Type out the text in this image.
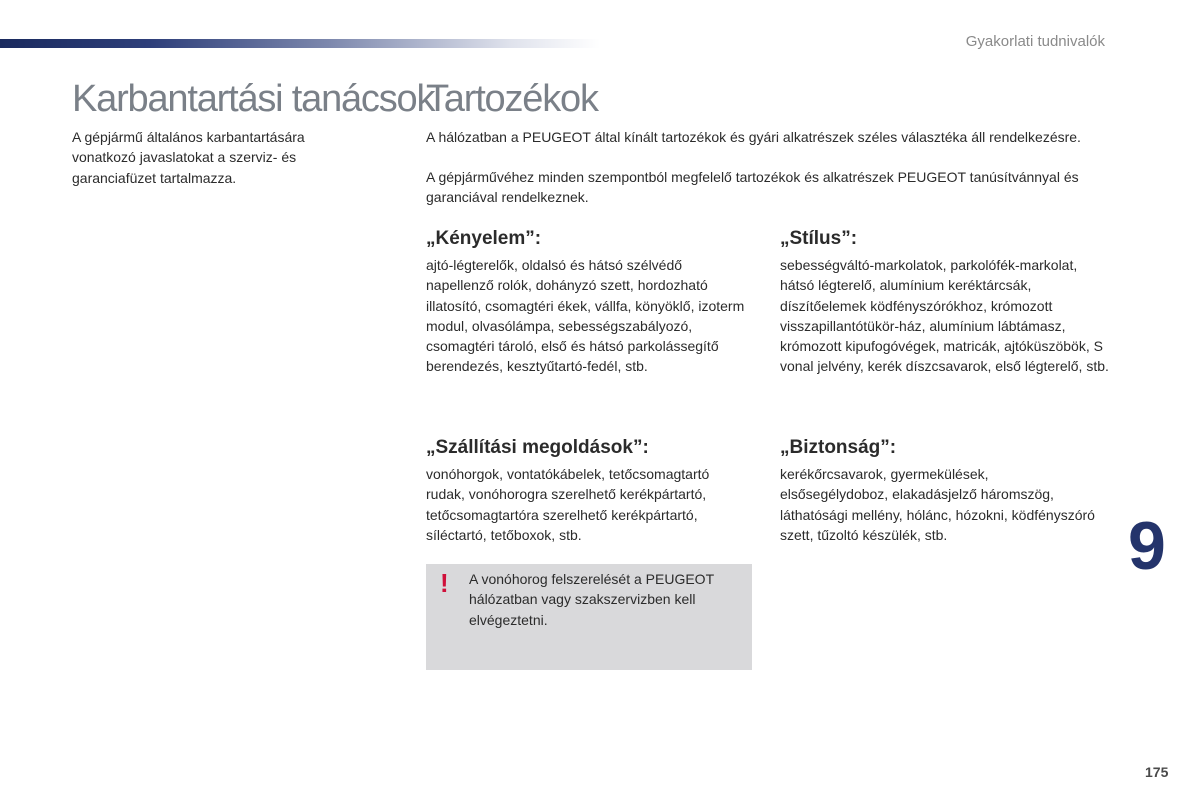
Gyakorlati tudnivalók
Karbantartási tanácsok

A gépjármű általános karbantartására vonatkozó javaslatokat a szerviz- és garanciafüzet tartalmazza.

Tartozékok

A hálózatban a PEUGEOT által kínált tartozékok és gyári alkatrészek széles választéka áll rendelkezésre.

A gépjárművéhez minden szempontból megfelelő tartozékok és alkatrészek PEUGEOT tanúsítvánnyal és garanciával rendelkeznek.

„Kényelem”:

ajtó-légterelők, oldalsó és hátsó szélvédő napellenző rolók, dohányzó szett, hordozható illatosító, csomagtéri ékek, vállfa, könyöklő, izoterm modul, olvasólámpa, sebességszabályozó, csomagtéri tároló, első és hátsó parkolássegítő berendezés, kesztyűtartó-fedél, stb.

„Stílus”:

sebességváltó-markolatok, parkolófék-markolat, hátsó légterelő, alumínium keréktárcsák, díszítőelemek ködfényszórókhoz, krómozott visszapillantótükör-ház, alumínium lábtámasz, krómozott kipufogóvégek, matricák, ajtóküszöbök, S vonal jelvény, kerék díszcsavarok, első légterelő, stb.

„Szállítási megoldások”:

vonóhorgok, vontatókábelek, tetőcsomagtartó rudak, vonóhorogra szerelhető kerékpártartó, tetőcsomagtartóra szerelhető kerékpártartó, síléctartó, tetőboxok, stb.

„Biztonság”:

kerékőrcsavarok, gyermekülések, elsősegélydoboz, elakadásjelző háromszög, láthatósági mellény, hólánc, hózokni, ködfényszóró szett, tűzoltó készülék, stb.

! A vonóhorog felszerelését a PEUGEOT hálózatban vagy szakszervizben kell elvégeztetni.

9
175
